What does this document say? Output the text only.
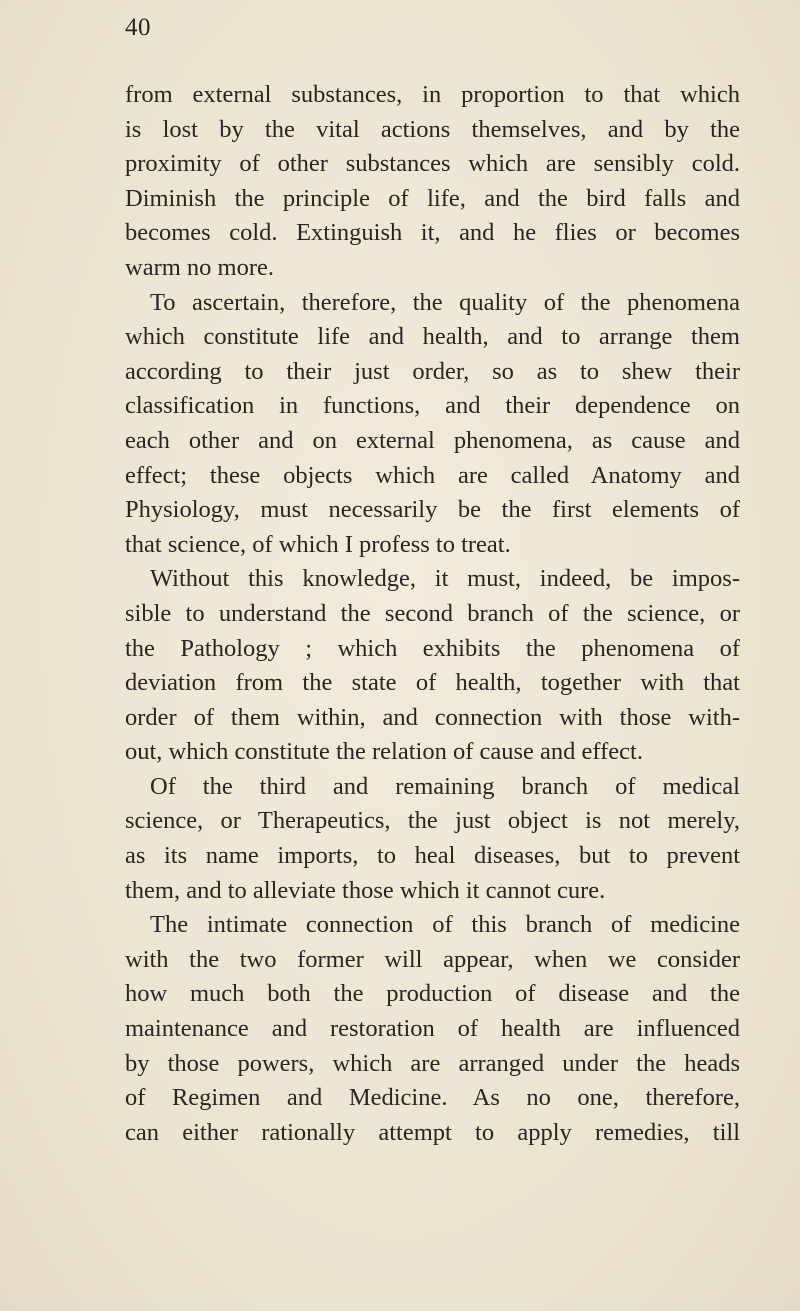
40
from external substances, in proportion to that which
is lost by the vital actions themselves, and by the
proximity of other substances which are sensibly cold.
Diminish the principle of life, and the bird falls and
becomes cold. Extinguish it, and he flies or becomes
warm no more.
To ascertain, therefore, the quality of the phenomena
which constitute life and health, and to arrange them
according to their just order, so as to shew their
classification in functions, and their dependence on
each other and on external phenomena, as cause and
effect; these objects which are called Anatomy and
Physiology, must necessarily be the first elements of
that science, of which I profess to treat.
Without this knowledge, it must, indeed, be impos-
sible to understand the second branch of the science, or
the Pathology ; which exhibits the phenomena of
deviation from the state of health, together with that
order of them within, and connection with those with-
out, which constitute the relation of cause and effect.
Of the third and remaining branch of medical
science, or Therapeutics, the just object is not merely,
as its name imports, to heal diseases, but to prevent
them, and to alleviate those which it cannot cure.
The intimate connection of this branch of medicine
with the two former will appear, when we consider
how much both the production of disease and the
maintenance and restoration of health are influenced
by those powers, which are arranged under the heads
of Regimen and Medicine. As no one, therefore,
can either rationally attempt to apply remedies, till
